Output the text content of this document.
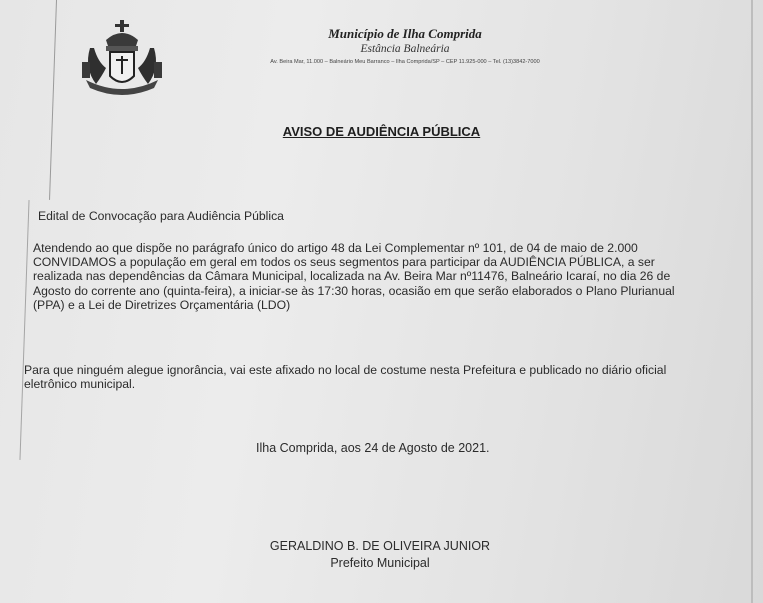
Município de Ilha Comprida
Estância Balneária
Av. Beira Mar, 11.000 – Balneário Meu Barranco – Ilha Comprida/SP – CEP 11.925-000 – Tel. (13)3842-7000
AVISO DE AUDIÊNCIA PÚBLICA
Edital de Convocação para Audiência Pública
Atendendo ao que dispõe no parágrafo único do artigo 48 da Lei Complementar nº 101, de 04 de maio de 2.000
CONVIDAMOS a população em geral em todos os seus segmentos para participar da AUDIÊNCIA PÚBLICA, a ser
realizada nas dependências da Câmara Municipal, localizada na Av. Beira Mar nº11476, Balneário Icaraí, no dia 26 de
Agosto do corrente ano (quinta-feira), a iniciar-se às 17:30 horas, ocasião em que serão elaborados o Plano Plurianual
(PPA) e a Lei de Diretrizes Orçamentária (LDO)
Para que ninguém alegue ignorância, vai este afixado no local de costume nesta Prefeitura e publicado no diário oficial
eletrônico municipal.
Ilha Comprida, aos 24 de Agosto de 2021.
GERALDINO B. DE OLIVEIRA JUNIOR
Prefeito Municipal
